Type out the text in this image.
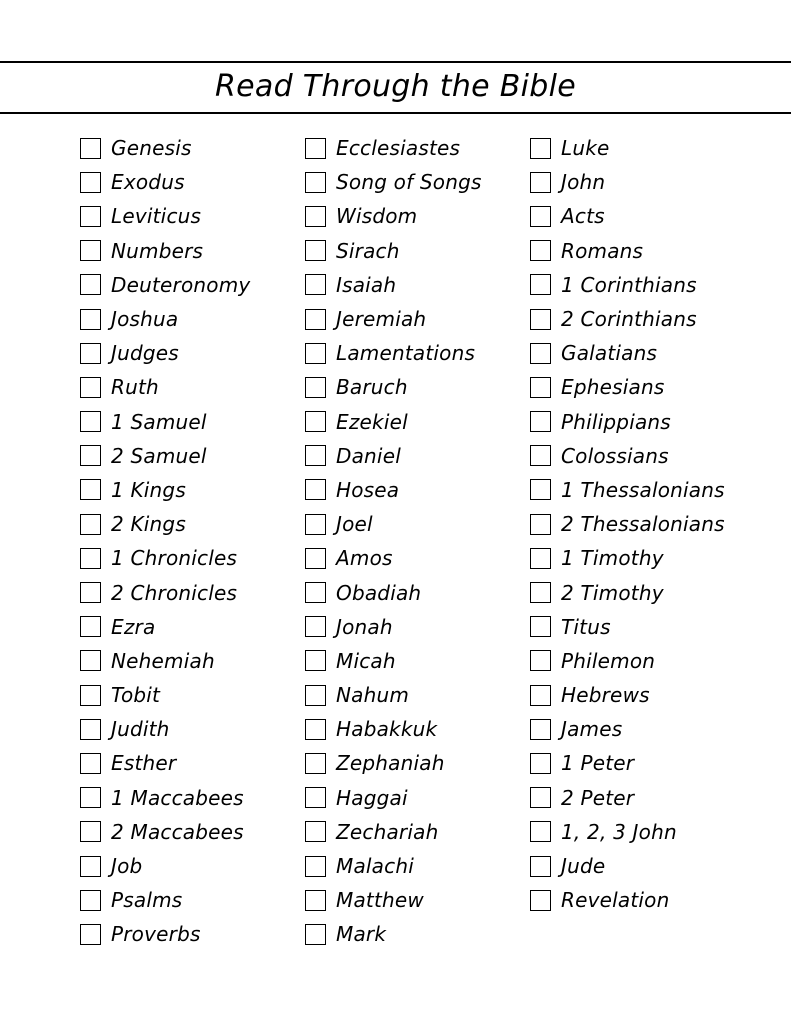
Read Through the Bible
Genesis
Exodus
Leviticus
Numbers
Deuteronomy
Joshua
Judges
Ruth
1 Samuel
2 Samuel
1 Kings
2 Kings
1 Chronicles
2 Chronicles
Ezra
Nehemiah
Tobit
Judith
Esther
1 Maccabees
2 Maccabees
Job
Psalms
Proverbs
Ecclesiastes
Song of Songs
Wisdom
Sirach
Isaiah
Jeremiah
Lamentations
Baruch
Ezekiel
Daniel
Hosea
Joel
Amos
Obadiah
Jonah
Micah
Nahum
Habakkuk
Zephaniah
Haggai
Zechariah
Malachi
Matthew
Mark
Luke
John
Acts
Romans
1 Corinthians
2 Corinthians
Galatians
Ephesians
Philippians
Colossians
1 Thessalonians
2 Thessalonians
1 Timothy
2 Timothy
Titus
Philemon
Hebrews
James
1 Peter
2 Peter
1, 2, 3 John
Jude
Revelation
